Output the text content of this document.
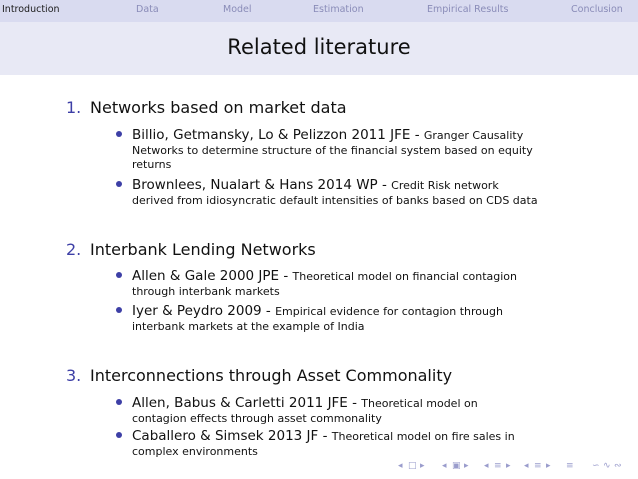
Introduction	Data	Model	Estimation	Empirical Results	Conclusion
Related literature
1. Networks based on market data
Billio, Getmansky, Lo & Pelizzon 2011 JFE - Granger Causality
Networks to determine structure of the financial system based on equity
returns
Brownlees, Nualart & Hans 2014 WP - Credit Risk network
derived from idiosyncratic default intensities of banks based on CDS data
2. Interbank Lending Networks
Allen & Gale 2000 JPE - Theoretical model on financial contagion
through interbank markets
Iyer & Peydro 2009 - Empirical evidence for contagion through
interbank markets at the example of India
3. Interconnections through Asset Commonality
Allen, Babus & Carletti 2011 JFE - Theoretical model on
contagion effects through asset commonality
Caballero & Simsek 2013 JF - Theoretical model on fire sales in
complex environments
◂ □ ▸ ◂ ▣ ▸ ◂ ≡ ▸ ◂ ≡ ▸ ≡ ∽ ∿ ∾
